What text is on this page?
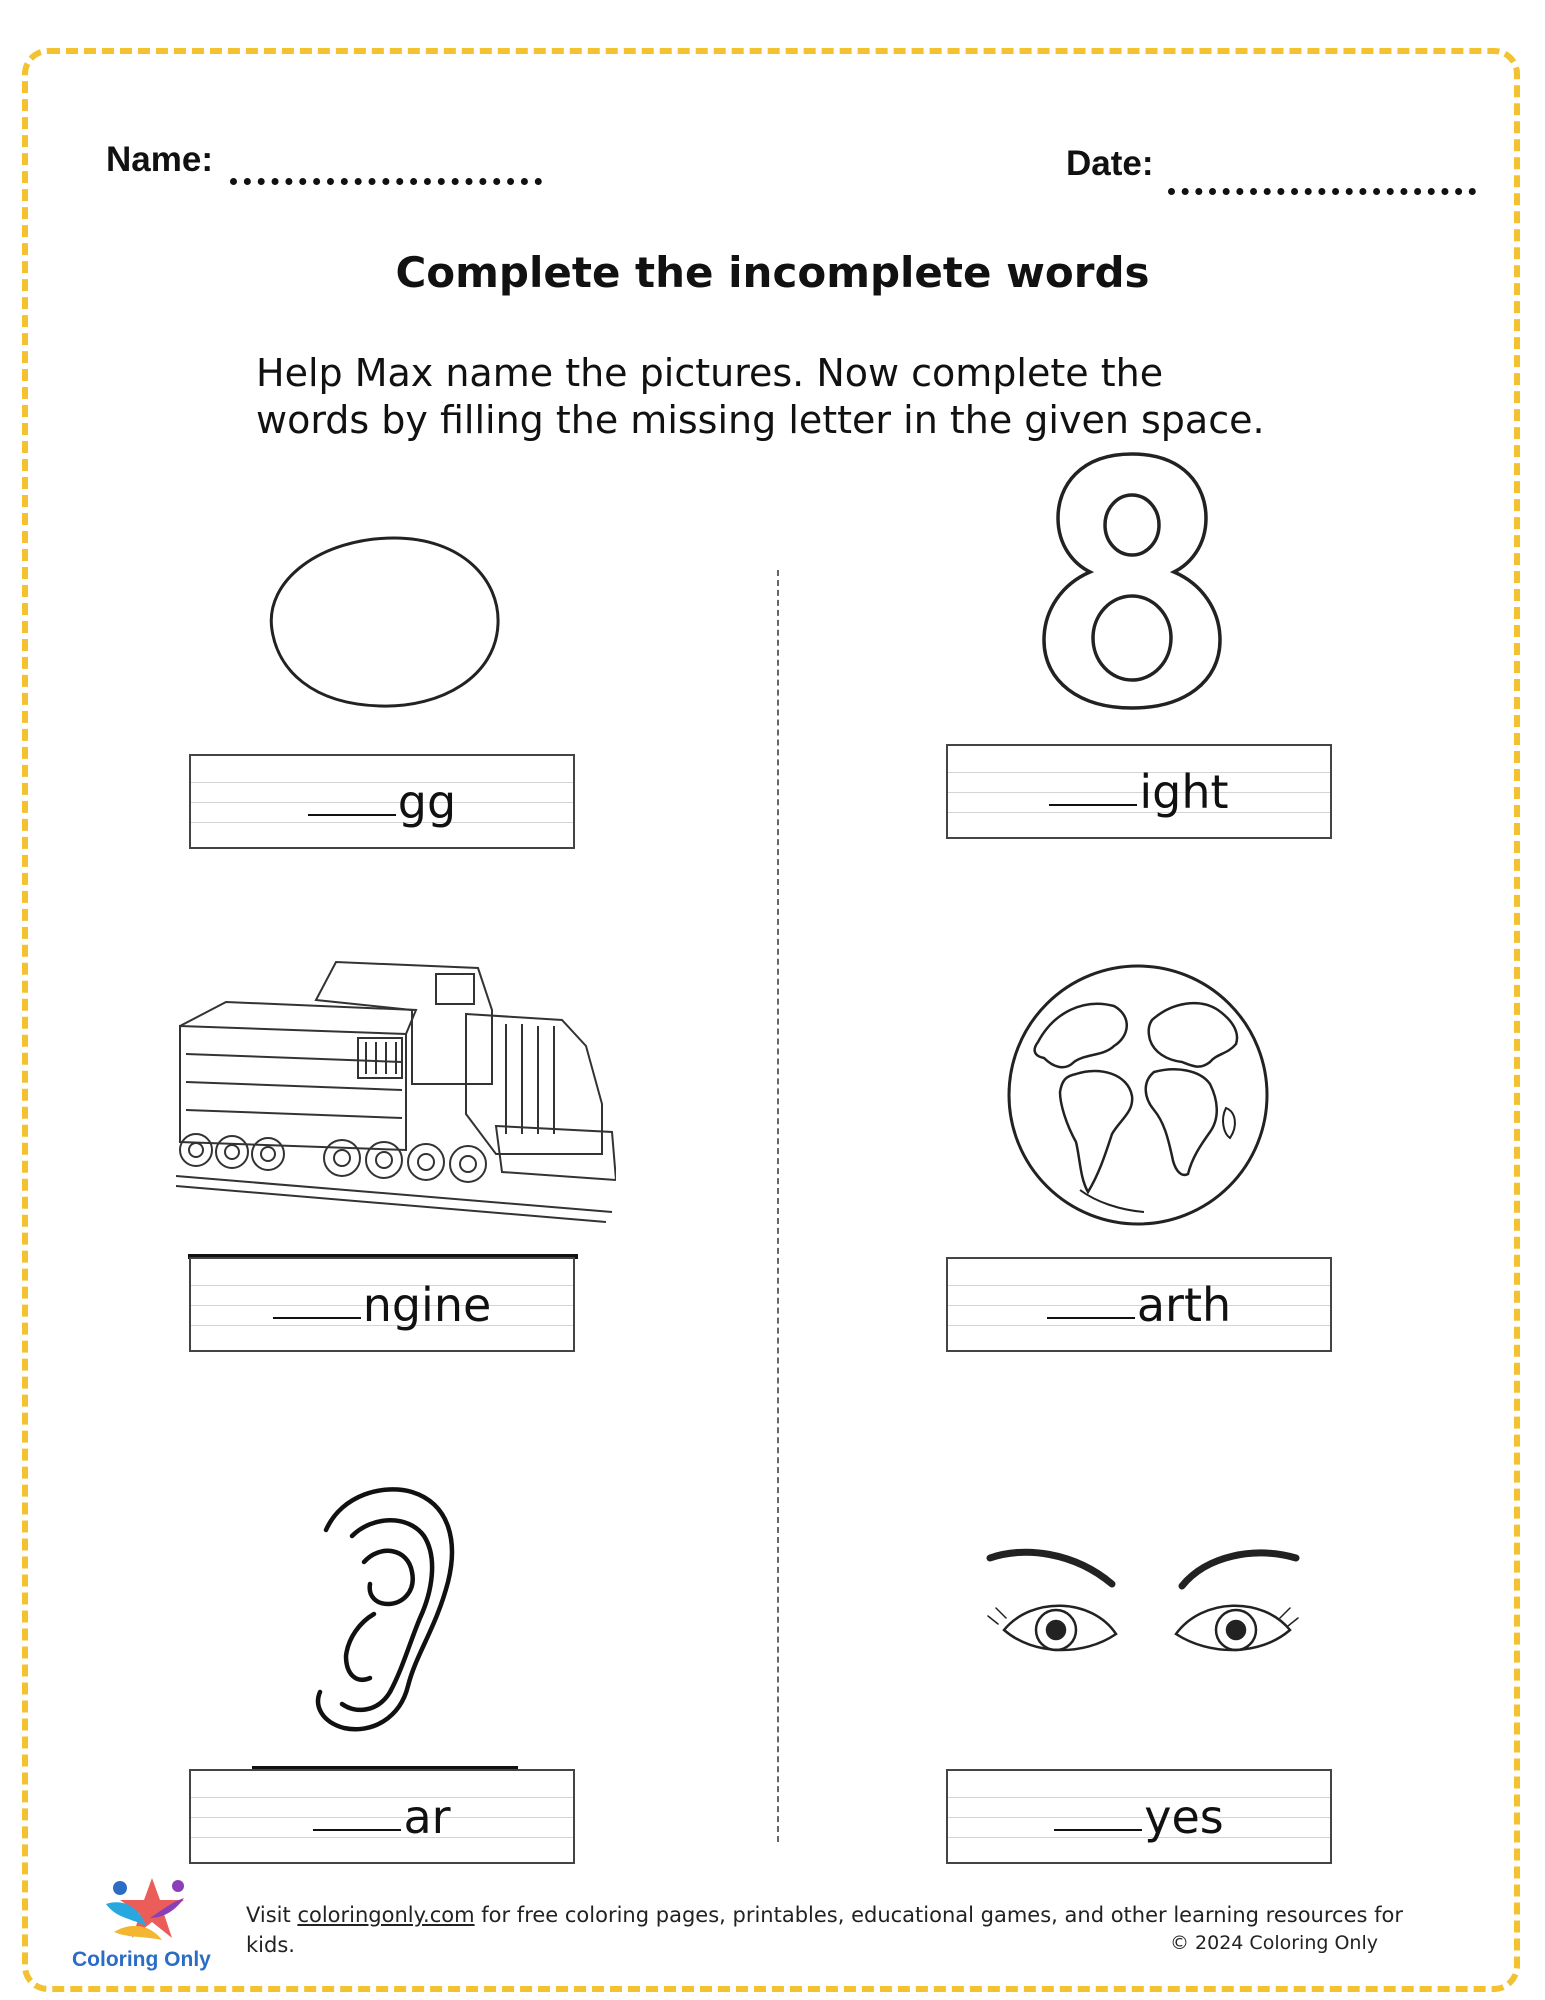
Name:	Date:
Complete the incomplete words
Help Max name the pictures. Now complete the
words by filling the missing letter in the given space.
gg	ight
ngine	arth
ar	yes
Coloring Only
Visit coloringonly.com for free coloring pages, printables, educational games, and other learning resources for kids.	© 2024 Coloring Only
